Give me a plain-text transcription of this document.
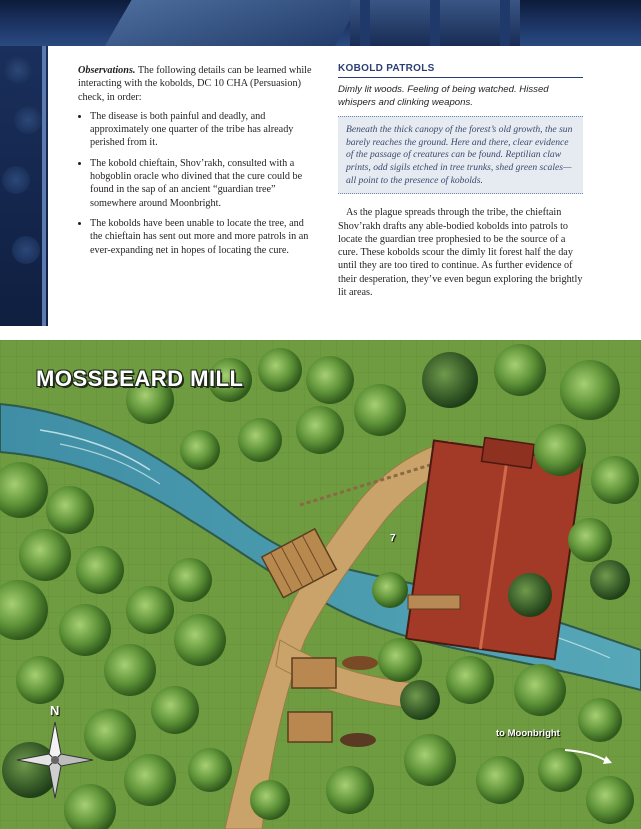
Observations. The following details can be learned while interacting with the kobolds, DC 10 CHA (Persuasion) check, in order:

• The disease is both painful and deadly, and approximately one quarter of the tribe has already perished from it.
• The kobold chieftain, Shov’rakh, consulted with a hobgoblin oracle who divined that the cure could be found in the sap of an ancient “guardian tree” somewhere around Moonbright.
• The kobolds have been unable to locate the tree, and the chieftain has sent out more and more patrols in an ever-expanding net in hopes of locating the cure.
KOBOLD PATROLS
Dimly lit woods. Feeling of being watched. Hissed whispers and clinking weapons.
Beneath the thick canopy of the forest’s old growth, the sun barely reaches the ground. Here and there, clear evidence of the passage of creatures can be found. Reptilian claw prints, odd sigils etched in tree trunks, shed green scales—all point to the presence of kobolds.

As the plague spreads through the tribe, the chieftain Shov’rakh drafts any able-bodied kobolds into patrols to locate the guardian tree prophesied to be the source of a cure. These kobolds scour the dimly lit forest half the day until they are too tired to continue. As further evidence of their desperation, they’ve even begun exploring the brightly lit areas.

MOSSBEARD MILL
7
to Moonbright
N
